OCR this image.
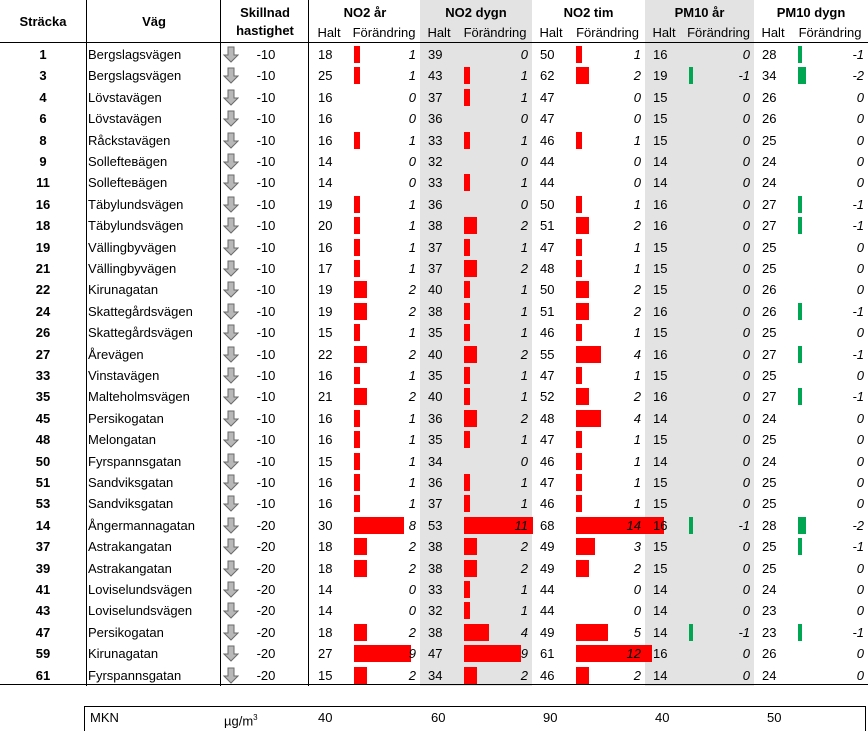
Sträcka	Väg
Skillnad
hastighet
NO2 år	NO2 dygn	NO2 tim	PM10 år	PM10 dygn
Halt Förändring Halt	Förändring	Halt	Förändring	Halt Förändring Halt	Förändring
1	Bergslagsvägen	-10	18	1 39	0 50	1 16	0 28	-1
3	Bergslagsvägen	-10	25	1 43	1 62	2 19	-1 34	-2
4	Lövstavägen	-10	16	0 37	1 47	0 15	0 26	0
6	Lövstavägen	-10	16	0 36	0 47	0 15	0 26	0
8	Råckstavägen	-10	16	1 33	1 46	1 15	0 25	0
9	Sollefteвägen	-10	14	0 32	0 44	0 14	0 24	0
11	Sollefteвägen	-10	14	0 33	1 44	0 14	0 24	0
16	Täbylundsvägen	-10	19	1 36	0 50	1 16	0 27	-1
18	Täbylundsvägen	-10	20	1 38	2 51	2 16	0 27	-1
19	Vällingbyvägen	-10	16	1 37	1 47	1 15	0 25	0
21	Vällingbyvägen	-10	17	1 37	2 48	1 15	0 25	0
22	Kirunagatan	-10	19	2 40	1 50	2 15	0 26	0
24	Skattegårdsvägen	-10	19	2 38	1 51	2 16	0 26	-1
26	Skattegårdsvägen	-10	15	1 35	1 46	1 15	0 25	0
27	Årevägen	-10	22	2 40	2 55	4 16	0 27	-1
33	Vinstavägen	-10	16	1 35	1 47	1 15	0 25	0
35	Malteholmsvägen	-10	21	2 40	1 52	2 16	0 27	-1
45	Persikogatan	-10	16	1 36	2 48	4 14	0 24	0
48	Melongatan	-10	16	1 35	1 47	1 15	0 25	0
50	Fyrspannsgatan	-10	15	1 34	0 46	1 14	0 24	0
51	Sandviksgatan	-10	16	1 36	1 47	1 15	0 25	0
53	Sandviksgatan	-10	16	1 37	1 46	1 15	0 25	0
14	Ångermannagatan	-20	30	8 53	11 68	14 16	-1 28	-2
37	Astrakangatan	-20	18	2 38	2 49	3 15	0 25	-1
39	Astrakangatan	-20	18	2 38	2 49	2 15	0 25	0
41	Loviselundsvägen	-20	14	0 33	1 44	0 14	0 24	0
43	Loviselundsvägen	-20	14	0 32	1 44	0 14	0 23	0
47	Persikogatan	-20	18	2 38	4 49	5 14	-1 23	-1
59	Kirunagatan	-20	27	9 47	9 61	12 16	0 26	0
61	Fyrspannsgatan	-20	15	2 34	2 46	2 14	0 24	0
MKN	$\mu g/m^3$	40	60	90	40	50
